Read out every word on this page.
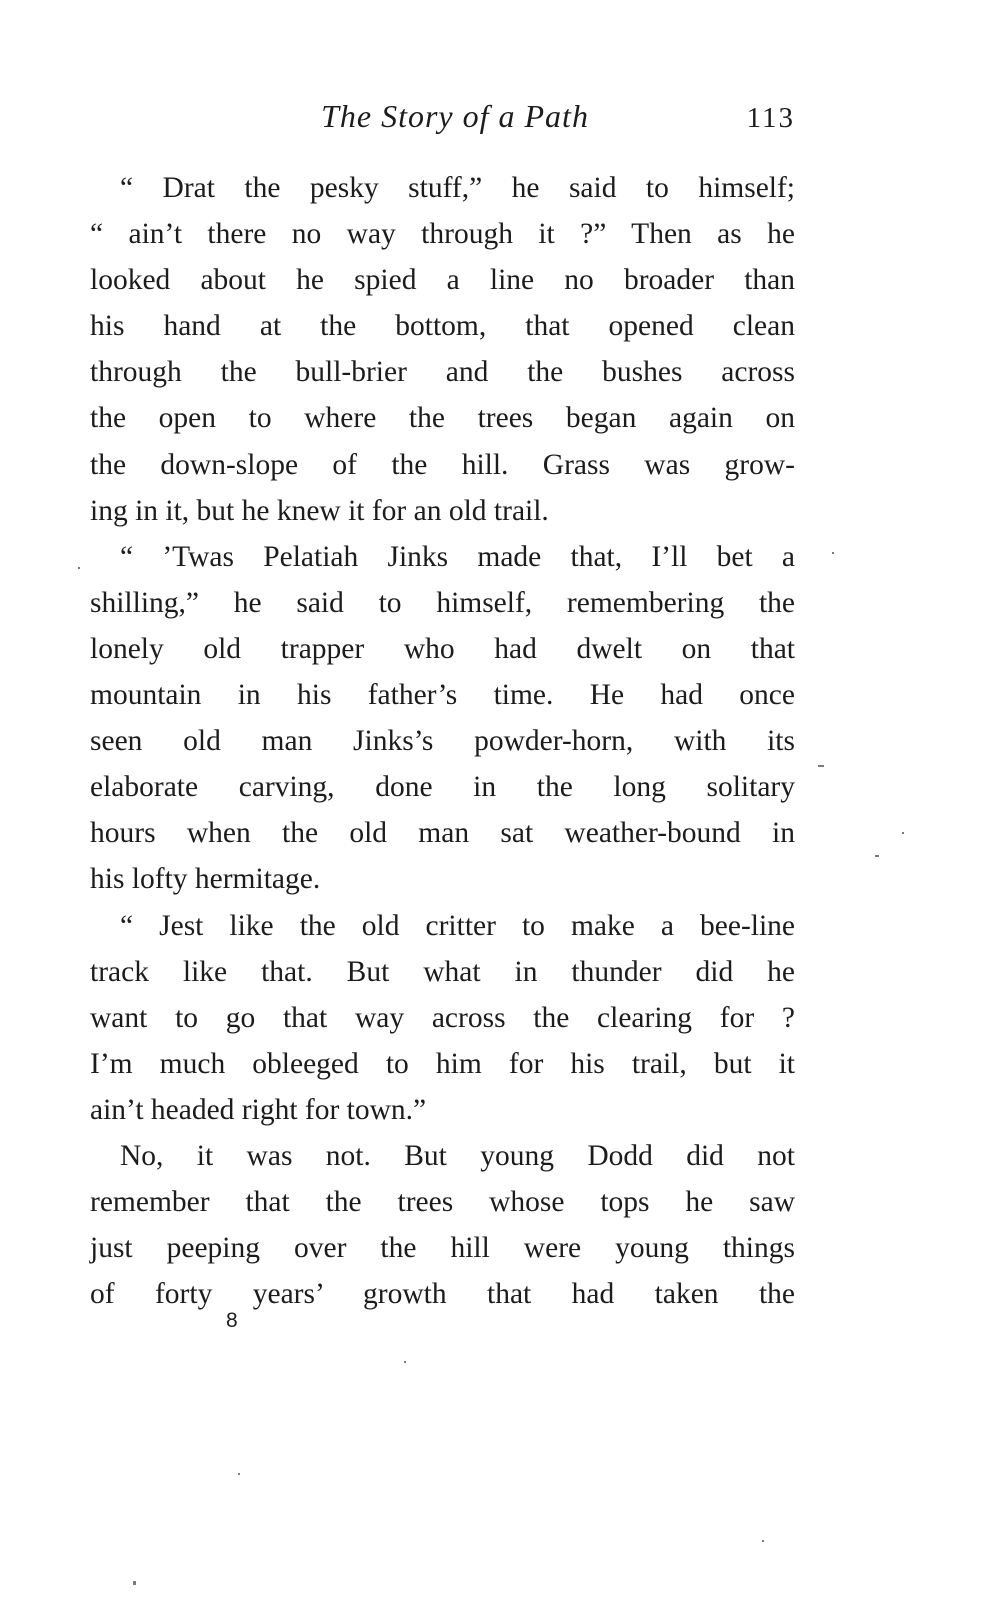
The Story of a Path	113
“ Drat the pesky stuff,” he said to himself;
“ ain’t there no way through it ?” Then as he
looked about he spied a line no broader than
his hand at the bottom, that opened clean
through the bull-brier and the bushes across
the open to where the trees began again on
the down-slope of the hill. Grass was grow-
ing in it, but he knew it for an old trail.
“ ’Twas Pelatiah Jinks made that, I’ll bet a
shilling,” he said to himself, remembering the
lonely old trapper who had dwelt on that
mountain in his father’s time. He had once
seen old man Jinks’s powder-horn, with its
elaborate carving, done in the long solitary
hours when the old man sat weather-bound in
his lofty hermitage.
“ Jest like the old critter to make a bee-line
track like that. But what in thunder did he
want to go that way across the clearing for ?
I’m much obleeged to him for his trail, but it
ain’t headed right for town.”
No, it was not. But young Dodd did not
remember that the trees whose tops he saw
just peeping over the hill were young things
of forty years’ growth that had taken the
8
